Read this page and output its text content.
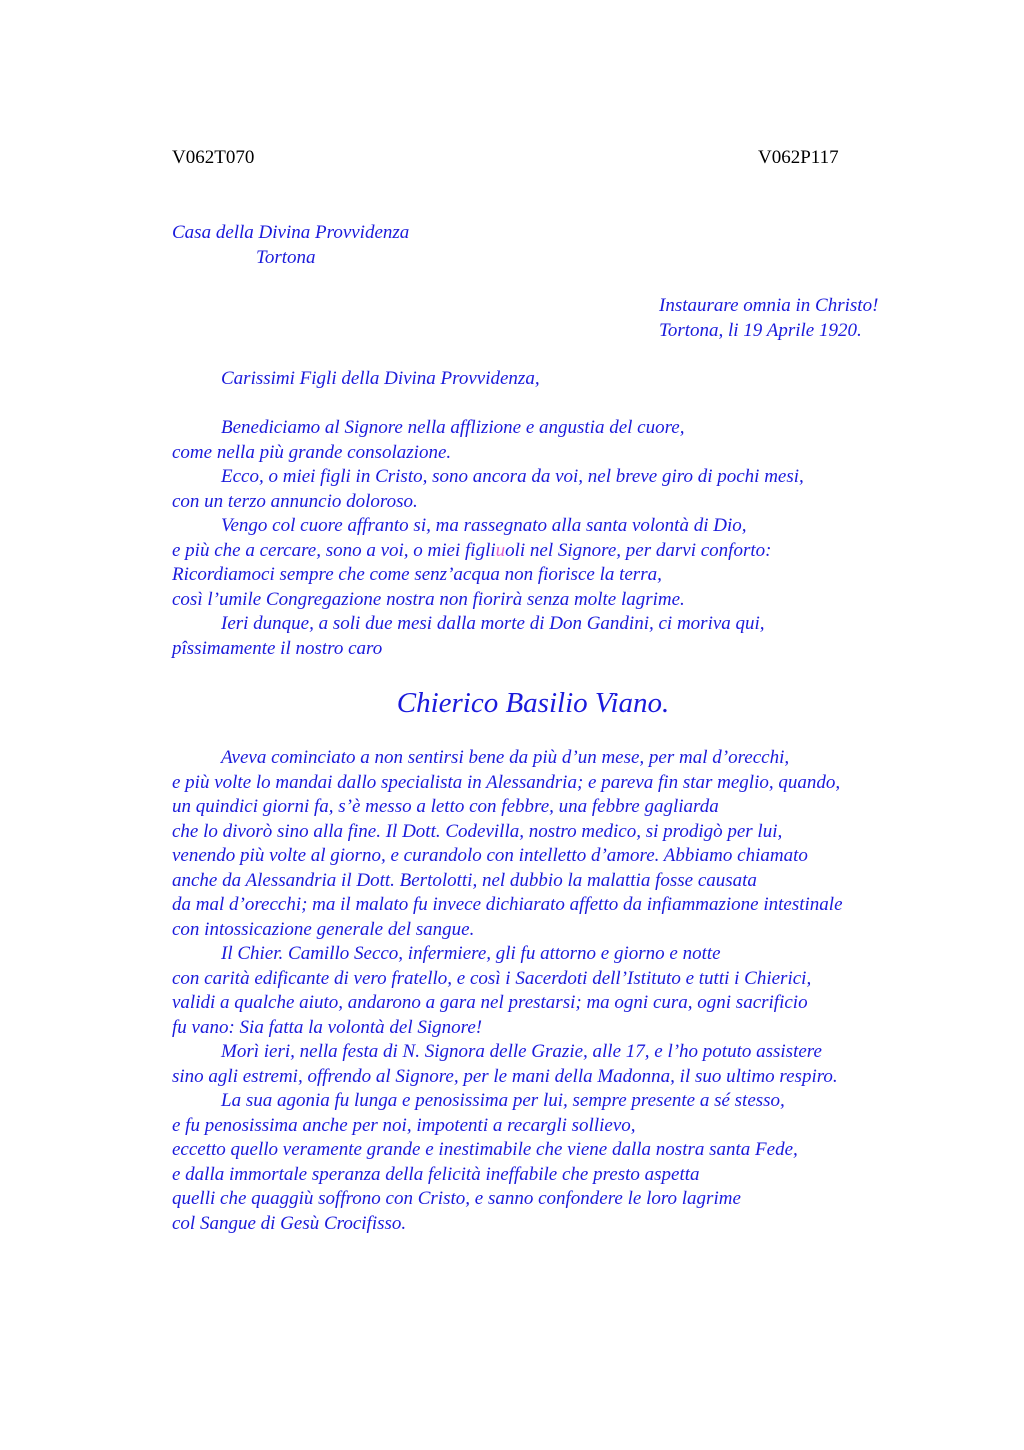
V062T070	V062P117
Casa della Divina Provvidenza
Tortona
Instaurare omnia in Christo!
Tortona, li 19 Aprile 1920.
Carissimi Figli della Divina Provvidenza,
Benediciamo al Signore nella afflizione e angustia del cuore,
come nella più grande consolazione.
Ecco, o miei figli in Cristo, sono ancora da voi, nel breve giro di pochi mesi,
con un terzo annuncio doloroso.
Vengo col cuore affranto si, ma rassegnato alla santa volontà di Dio,
e più che a cercare, sono a voi, o miei figliuoli nel Signore, per darvi conforto:
Ricordiamoci sempre che come senz’acqua non fiorisce la terra,
così l’umile Congregazione nostra non fiorirà senza molte lagrime.
Ieri dunque, a soli due mesi dalla morte di Don Gandini, ci moriva qui,
pîssimamente il nostro caro
Chierico Basilio Viano.
Aveva cominciato a non sentirsi bene da più d’un mese, per mal d’orecchi,
e più volte lo mandai dallo specialista in Alessandria; e pareva fin star meglio, quando,
un quindici giorni fa, s’è messo a letto con febbre, una febbre gagliarda
che lo divorò sino alla fine. Il Dott. Codevilla, nostro medico, si prodigò per lui,
venendo più volte al giorno, e curandolo con intelletto d’amore. Abbiamo chiamato
anche da Alessandria il Dott. Bertolotti, nel dubbio la malattia fosse causata
da mal d’orecchi; ma il malato fu invece dichiarato affetto da infiammazione intestinale
con intossicazione generale del sangue.
Il Chier. Camillo Secco, infermiere, gli fu attorno e giorno e notte
con carità edificante di vero fratello, e così i Sacerdoti dell’Istituto e tutti i Chierici,
validi a qualche aiuto, andarono a gara nel prestarsi; ma ogni cura, ogni sacrificio
fu vano: Sia fatta la volontà del Signore!
Morì ieri, nella festa di N. Signora delle Grazie, alle 17, e l’ho potuto assistere
sino agli estremi, offrendo al Signore, per le mani della Madonna, il suo ultimo respiro.
La sua agonia fu lunga e penosissima per lui, sempre presente a sé stesso,
e fu penosissima anche per noi, impotenti a recargli sollievo,
eccetto quello veramente grande e inestimabile che viene dalla nostra santa Fede,
e dalla immortale speranza della felicità ineffabile che presto aspetta
quelli che quaggiù soffrono con Cristo, e sanno confondere le loro lagrime
col Sangue di Gesù Crocifisso.
